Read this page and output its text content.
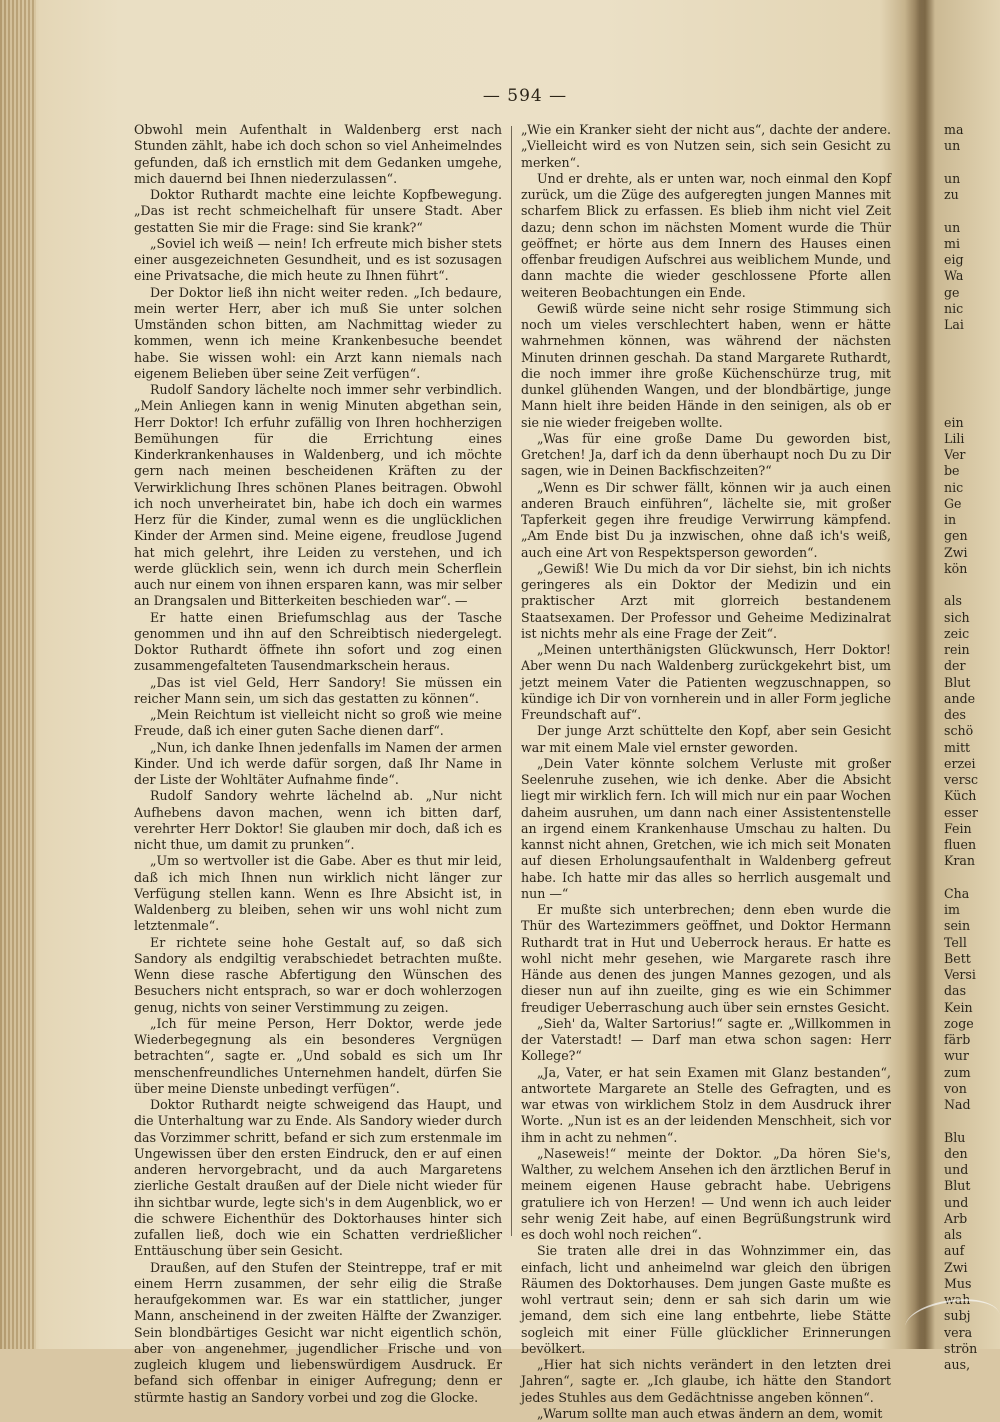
— 594 —

Obwohl mein Aufenthalt in Waldenberg erst nach Stunden zählt, habe ich doch schon so viel Anheimelndes gefunden, daß ich ernstlich mit dem Gedanken umgehe, mich dauernd bei Ihnen niederzulassen“.

Doktor Ruthardt machte eine leichte Kopfbewegung. „Das ist recht schmeichelhaft für unsere Stadt. Aber gestatten Sie mir die Frage: sind Sie krank?“

„Soviel ich weiß — nein! Ich erfreute mich bisher stets einer ausgezeichneten Gesundheit, und es ist sozusagen eine Privatsache, die mich heute zu Ihnen führt“.

Der Doktor ließ ihn nicht weiter reden. „Ich bedaure, mein werter Herr, aber ich muß Sie unter solchen Umständen schon bitten, am Nachmittag wieder zu kommen, wenn ich meine Krankenbesuche beendet habe. Sie wissen wohl: ein Arzt kann niemals nach eigenem Belieben über seine Zeit verfügen“.

Rudolf Sandory lächelte noch immer sehr verbindlich. „Mein Anliegen kann in wenig Minuten abgethan sein, Herr Doktor! Ich erfuhr zufällig von Ihren hochherzigen Bemühungen für die Errichtung eines Kinderkrankenhauses in Waldenberg, und ich möchte gern nach meinen bescheidenen Kräften zu der Verwirklichung Ihres schönen Planes beitragen. Obwohl ich noch unverheiratet bin, habe ich doch ein warmes Herz für die Kinder, zumal wenn es die unglücklichen Kinder der Armen sind. Meine eigene, freudlose Jugend hat mich gelehrt, ihre Leiden zu verstehen, und ich werde glücklich sein, wenn ich durch mein Scherflein auch nur einem von ihnen ersparen kann, was mir selber an Drangsalen und Bitterkeiten beschieden war“. —

Er hatte einen Briefumschlag aus der Tasche genommen und ihn auf den Schreibtisch niedergelegt. Doktor Ruthardt öffnete ihn sofort und zog einen zusammengefalteten Tausendmarkschein heraus.

„Das ist viel Geld, Herr Sandory! Sie müssen ein reicher Mann sein, um sich das gestatten zu können“.

„Mein Reichtum ist vielleicht nicht so groß wie meine Freude, daß ich einer guten Sache dienen darf“.

„Nun, ich danke Ihnen jedenfalls im Namen der armen Kinder. Und ich werde dafür sorgen, daß Ihr Name in der Liste der Wohltäter Aufnahme finde“.

Rudolf Sandory wehrte lächelnd ab. „Nur nicht Aufhebens davon machen, wenn ich bitten darf, verehrter Herr Doktor! Sie glauben mir doch, daß ich es nicht thue, um damit zu prunken“.

„Um so wertvoller ist die Gabe. Aber es thut mir leid, daß ich mich Ihnen nun wirklich nicht länger zur Verfügung stellen kann. Wenn es Ihre Absicht ist, in Waldenberg zu bleiben, sehen wir uns wohl nicht zum letztenmale“.

Er richtete seine hohe Gestalt auf, so daß sich Sandory als endgiltig verabschiedet betrachten mußte. Wenn diese rasche Abfertigung den Wünschen des Besuchers nicht entsprach, so war er doch wohlerzogen genug, nichts von seiner Verstimmung zu zeigen.

„Ich für meine Person, Herr Doktor, werde jede Wiederbegegnung als ein besonderes Vergnügen betrachten“, sagte er. „Und sobald es sich um Ihr menschenfreundliches Unternehmen handelt, dürfen Sie über meine Dienste unbedingt verfügen“.

Doktor Ruthardt neigte schweigend das Haupt, und die Unterhaltung war zu Ende. Als Sandory wieder durch das Vorzimmer schritt, befand er sich zum erstenmale im Ungewissen über den ersten Eindruck, den er auf einen anderen hervorgebracht, und da auch Margaretens zierliche Gestalt draußen auf der Diele nicht wieder für ihn sichtbar wurde, legte sich's in dem Augenblick, wo er die schwere Eichenthür des Doktorhauses hinter sich zufallen ließ, doch wie ein Schatten verdrießlicher Enttäuschung über sein Gesicht.

Draußen, auf den Stufen der Steintreppe, traf er mit einem Herrn zusammen, der sehr eilig die Straße heraufgekommen war. Es war ein stattlicher, junger Mann, anscheinend in der zweiten Hälfte der Zwanziger. Sein blondbärtiges Gesicht war nicht eigentlich schön, aber von angenehmer, jugendlicher Frische und von zugleich klugem und liebenswürdigem Ausdruck. Er befand sich offenbar in einiger Aufregung; denn er stürmte hastig an Sandory vorbei und zog die Glocke.

„Wie ein Kranker sieht der nicht aus“, dachte der andere. „Vielleicht wird es von Nutzen sein, sich sein Gesicht zu merken“.

Und er drehte, als er unten war, noch einmal den Kopf zurück, um die Züge des aufgeregten jungen Mannes mit scharfem Blick zu erfassen. Es blieb ihm nicht viel Zeit dazu; denn schon im nächsten Moment wurde die Thür geöffnet; er hörte aus dem Innern des Hauses einen offenbar freudigen Aufschrei aus weiblichem Munde, und dann machte die wieder geschlossene Pforte allen weiteren Beobachtungen ein Ende.

Gewiß würde seine nicht sehr rosige Stimmung sich noch um vieles verschlechtert haben, wenn er hätte wahrnehmen können, was während der nächsten Minuten drinnen geschah. Da stand Margarete Ruthardt, die noch immer ihre große Küchenschürze trug, mit dunkel glühenden Wangen, und der blondbärtige, junge Mann hielt ihre beiden Hände in den seinigen, als ob er sie nie wieder freigeben wollte.

„Was für eine große Dame Du geworden bist, Gretchen! Ja, darf ich da denn überhaupt noch Du zu Dir sagen, wie in Deinen Backfischzeiten?“

„Wenn es Dir schwer fällt, können wir ja auch einen anderen Brauch einführen“, lächelte sie, mit großer Tapferkeit gegen ihre freudige Verwirrung kämpfend. „Am Ende bist Du ja inzwischen, ohne daß ich's weiß, auch eine Art von Respektsperson geworden“.

„Gewiß! Wie Du mich da vor Dir siehst, bin ich nichts geringeres als ein Doktor der Medizin und ein praktischer Arzt mit glorreich bestandenem Staatsexamen. Der Professor und Geheime Medizinalrat ist nichts mehr als eine Frage der Zeit“.

„Meinen unterthänigsten Glückwunsch, Herr Doktor! Aber wenn Du nach Waldenberg zurückgekehrt bist, um jetzt meinem Vater die Patienten wegzuschnappen, so kündige ich Dir von vornherein und in aller Form jegliche Freundschaft auf“.

Der junge Arzt schüttelte den Kopf, aber sein Gesicht war mit einem Male viel ernster geworden.

„Dein Vater könnte solchem Verluste mit großer Seelenruhe zusehen, wie ich denke. Aber die Absicht liegt mir wirklich fern. Ich will mich nur ein paar Wochen daheim ausruhen, um dann nach einer Assistentenstelle an irgend einem Krankenhause Umschau zu halten. Du kannst nicht ahnen, Gretchen, wie ich mich seit Monaten auf diesen Erholungsaufenthalt in Waldenberg gefreut habe. Ich hatte mir das alles so herrlich ausgemalt und nun —“

Er mußte sich unterbrechen; denn eben wurde die Thür des Wartezimmers geöffnet, und Doktor Hermann Ruthardt trat in Hut und Ueberrock heraus. Er hatte es wohl nicht mehr gesehen, wie Margarete rasch ihre Hände aus denen des jungen Mannes gezogen, und als dieser nun auf ihn zueilte, ging es wie ein Schimmer freudiger Ueberraschung auch über sein ernstes Gesicht.

„Sieh' da, Walter Sartorius!“ sagte er. „Willkommen in der Vaterstadt! — Darf man etwa schon sagen: Herr Kollege?“

„Ja, Vater, er hat sein Examen mit Glanz bestanden“, antwortete Margarete an Stelle des Gefragten, und es war etwas von wirklichem Stolz in dem Ausdruck ihrer Worte. „Nun ist es an der leidenden Menschheit, sich vor ihm in acht zu nehmen“.

„Naseweis!“ meinte der Doktor. „Da hören Sie's, Walther, zu welchem Ansehen ich den ärztlichen Beruf in meinem eigenen Hause gebracht habe. Uebrigens gratuliere ich von Herzen! — Und wenn ich auch leider sehr wenig Zeit habe, auf einen Begrüßungstrunk wird es doch wohl noch reichen“.

Sie traten alle drei in das Wohnzimmer ein, das einfach, licht und anheimelnd war gleich den übrigen Räumen des Doktorhauses. Dem jungen Gaste mußte es wohl vertraut sein; denn er sah sich darin um wie jemand, dem sich eine lang entbehrte, liebe Stätte sogleich mit einer Fülle glücklicher Erinnerungen bevölkert.

„Hier hat sich nichts verändert in den letzten drei Jahren“, sagte er. „Ich glaube, ich hätte den Standort jedes Stuhles aus dem Gedächtnisse angeben können“.

„Warum sollte man auch etwas ändern an dem, womit

ma
un
un
zu
un
mi
eig
Wa
ge
nic
Lai
ein
Lili
Ver
be
nic
Ge
in
gen
Zwi
kön
als
sich
zeic
rein
der
Blut
ande
des
schö
mitt
erzei
versc
Küch
esser
Fein
fluen
Kran
Cha
im
sein
Tell
Bett
Versi
das
Kein
zoge
färb
wur
zum
von
Nad
Blu
den
und
Blut
und
Arb
als
auf
Zwi
Mus
wah
subj
vera
strön
aus,
